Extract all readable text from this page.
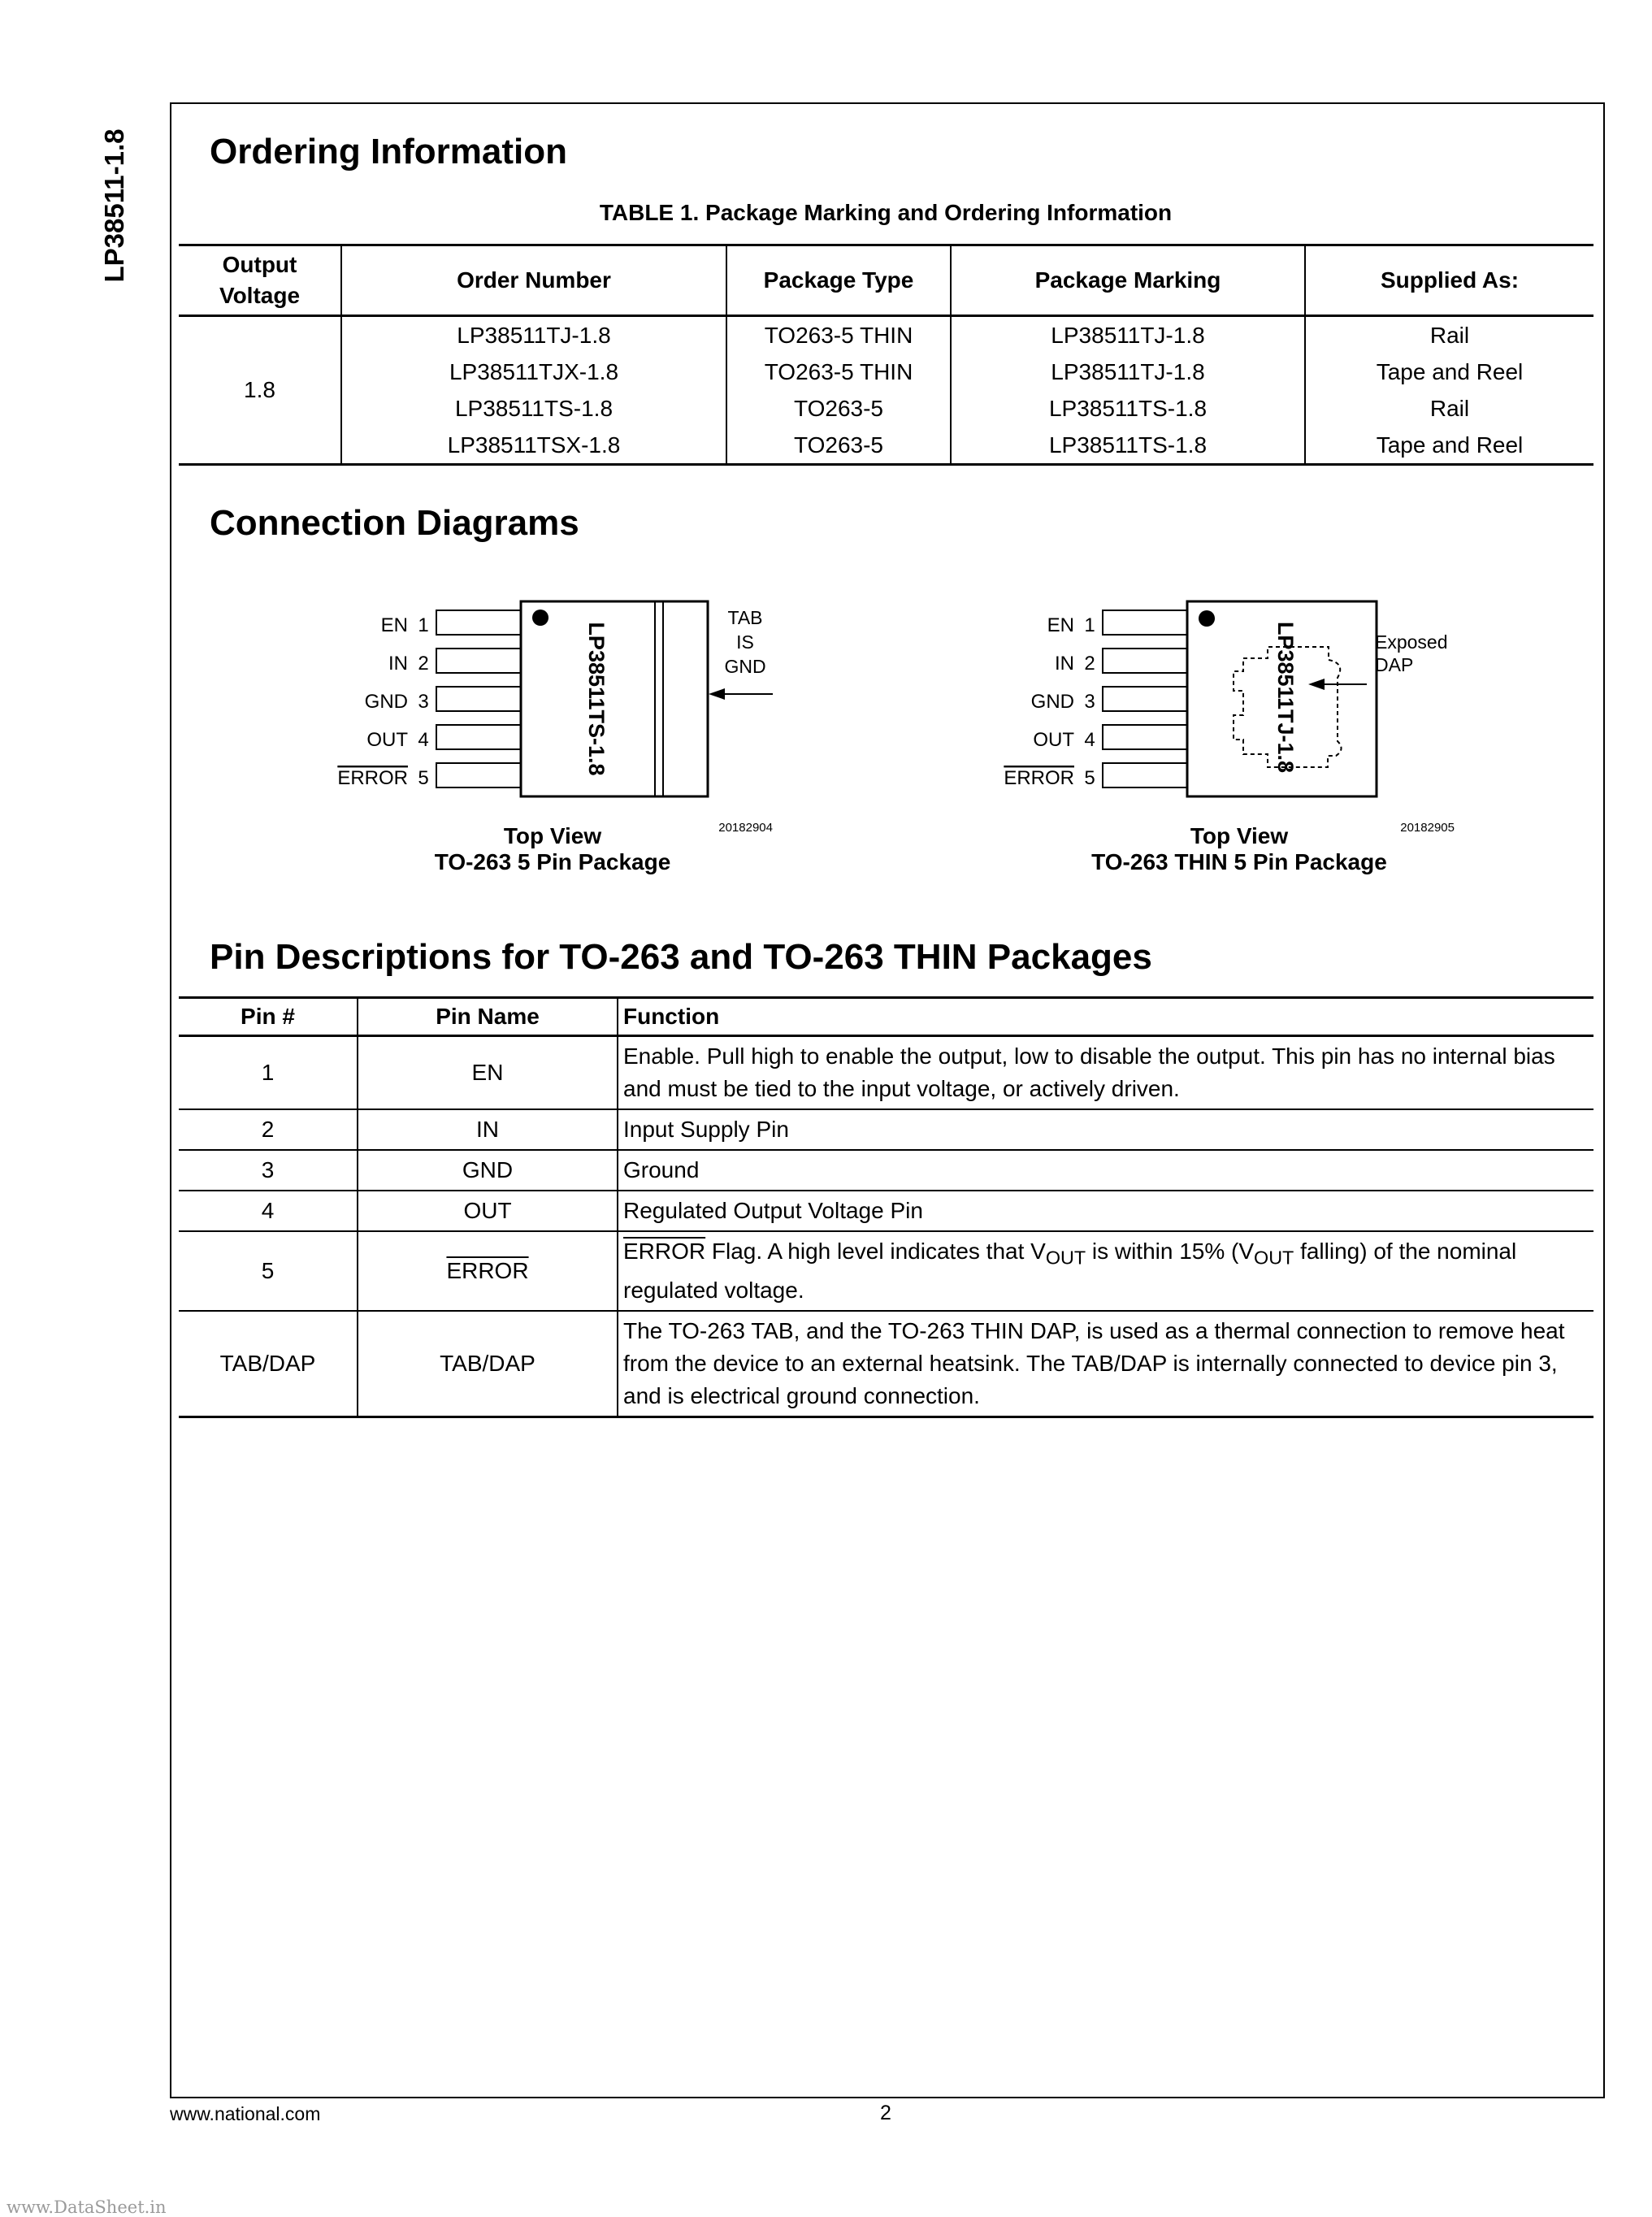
LP38511-1.8 Ordering Information
TABLE 1. Package Marking and Ordering Information
Output Voltage	Order Number	Package Type	Package Marking	Supplied As:
1.8	LP38511TJ-1.8	TO263-5 THIN	LP38511TJ-1.8	Rail
	LP38511TJX-1.8	TO263-5 THIN	LP38511TJ-1.8	Tape and Reel
	LP38511TS-1.8	TO263-5	LP38511TS-1.8	Rail
	LP38511TSX-1.8	TO263-5	LP38511TS-1.8	Tape and Reel
Connection Diagrams
EN
IN
GND
OUT
ERROR
1
2
3
4
5
LP38511TS-1.8
TAB
IS
GND
20182904
Top View
TO-263 5 Pin Package
EN
IN
GND
OUT
ERROR
1
2
3
4
5
LP38511TJ-1.8	Exposed
DAP
20182905
Top View
TO-263 THIN 5 Pin Package
Pin Descriptions for TO-263 and TO-263 THIN Packages
Pin #	Pin Name	Function
1	EN	Enable. Pull high to enable the output, low to disable the output. This pin has no internal bias and must be tied to the input voltage, or actively driven.
2	IN	Input Supply Pin
3	GND	Ground
4	OUT	Regulated Output Voltage Pin
5	ERROR	ERROR Flag. A high level indicates that $V_{OUT}$ is within 15% ($V_{OUT}$ falling) of the nominal regulated voltage.
TAB/DAP	TAB/DAP	The TO-263 TAB, and the TO-263 THIN DAP, is used as a thermal connection to remove heat from the device to an external heatsink. The TAB/DAP is internally connected to device pin 3, and is electrical ground connection.
www.national.com	2
www.DataSheet.in
